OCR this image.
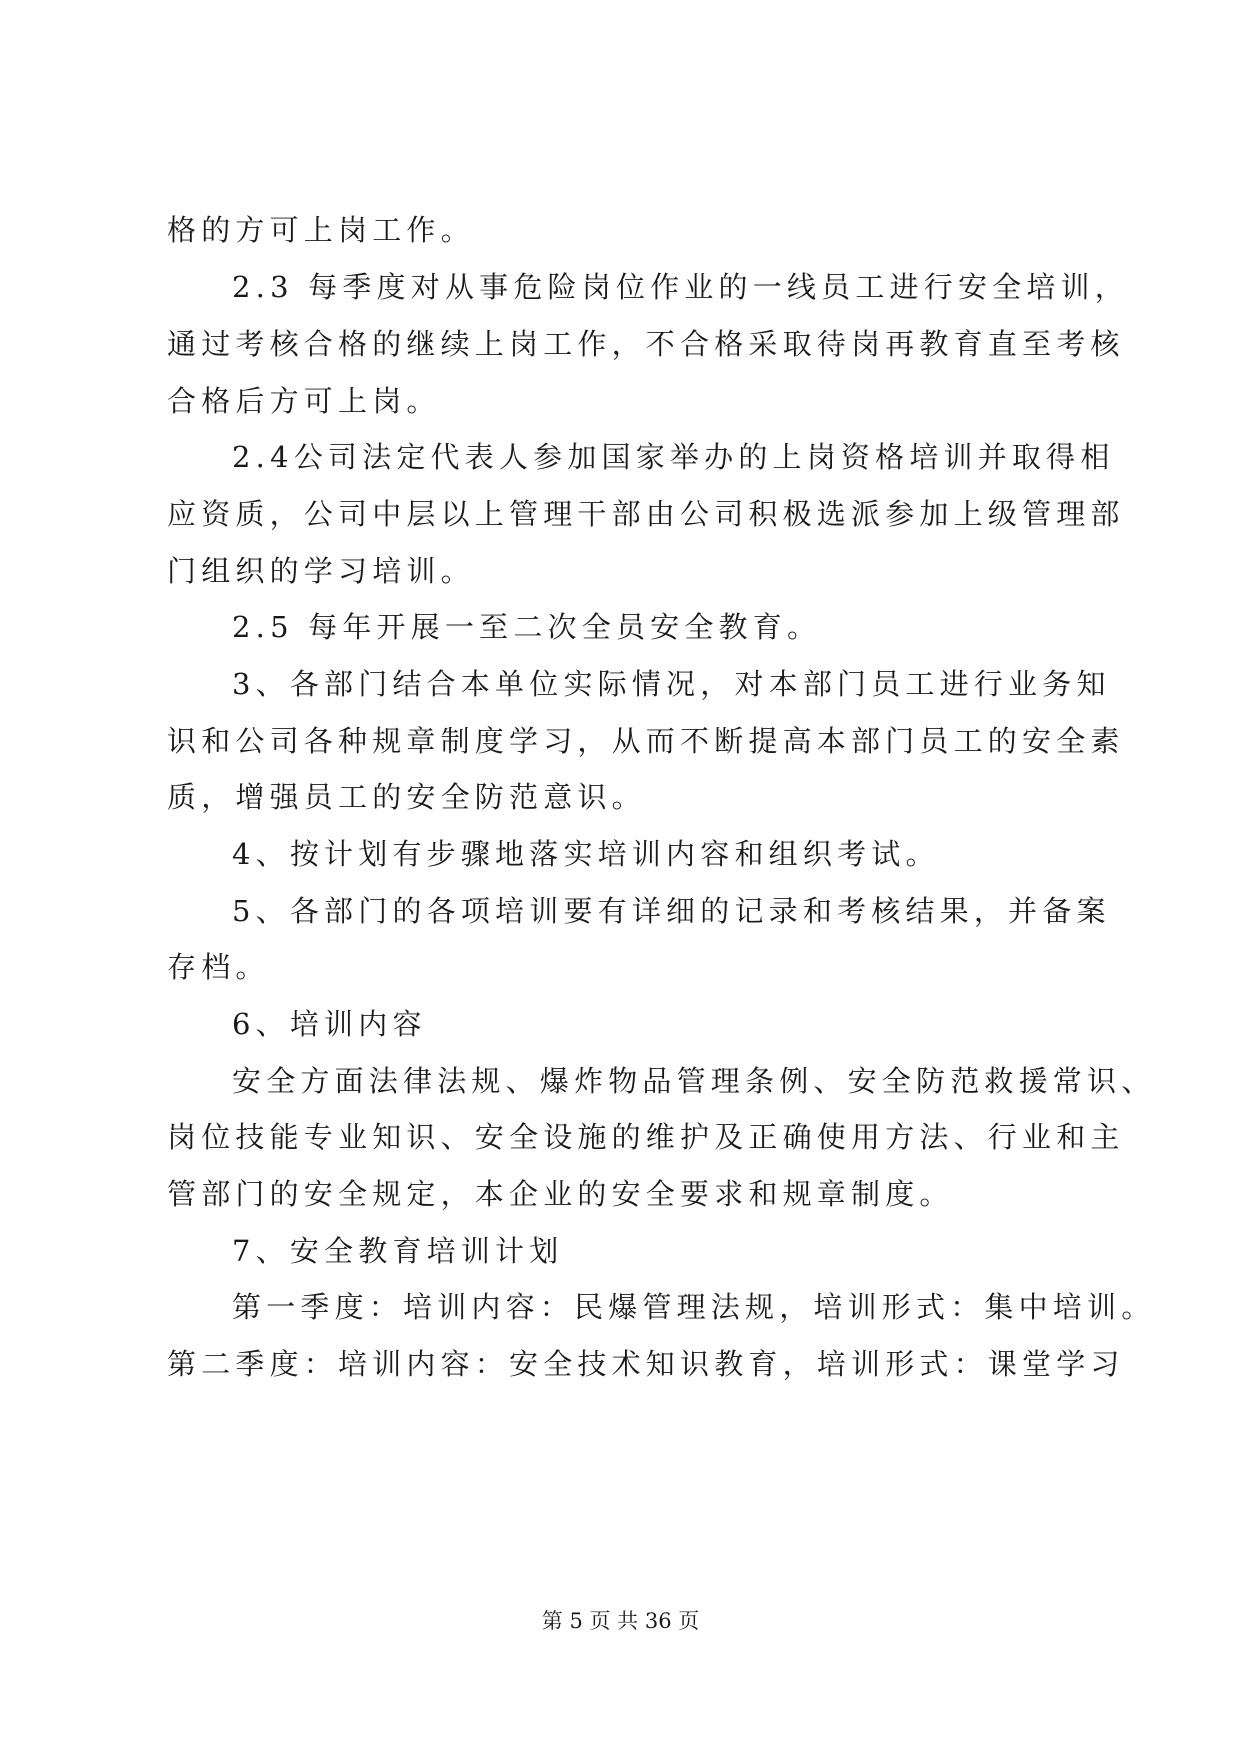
格的方可上岗工作。
2.3 每季度对从事危险岗位作业的一线员工进行安全培训，
通过考核合格的继续上岗工作，不合格采取待岗再教育直至考核
合格后方可上岗。
2.4公司法定代表人参加国家举办的上岗资格培训并取得相
应资质，公司中层以上管理干部由公司积极选派参加上级管理部
门组织的学习培训。
2.5 每年开展一至二次全员安全教育。
3、各部门结合本单位实际情况，对本部门员工进行业务知
识和公司各种规章制度学习，从而不断提高本部门员工的安全素
质，增强员工的安全防范意识。
4、按计划有步骤地落实培训内容和组织考试。
5、各部门的各项培训要有详细的记录和考核结果，并备案
存档。
6、培训内容
安全方面法律法规、爆炸物品管理条例、安全防范救援常识、
岗位技能专业知识、安全设施的维护及正确使用方法、行业和主
管部门的安全规定，本企业的安全要求和规章制度。
7、安全教育培训计划
第一季度：培训内容：民爆管理法规，培训形式：集中培训。
第二季度：培训内容：安全技术知识教育，培训形式：课堂学习
第 5 页 共 36 页
